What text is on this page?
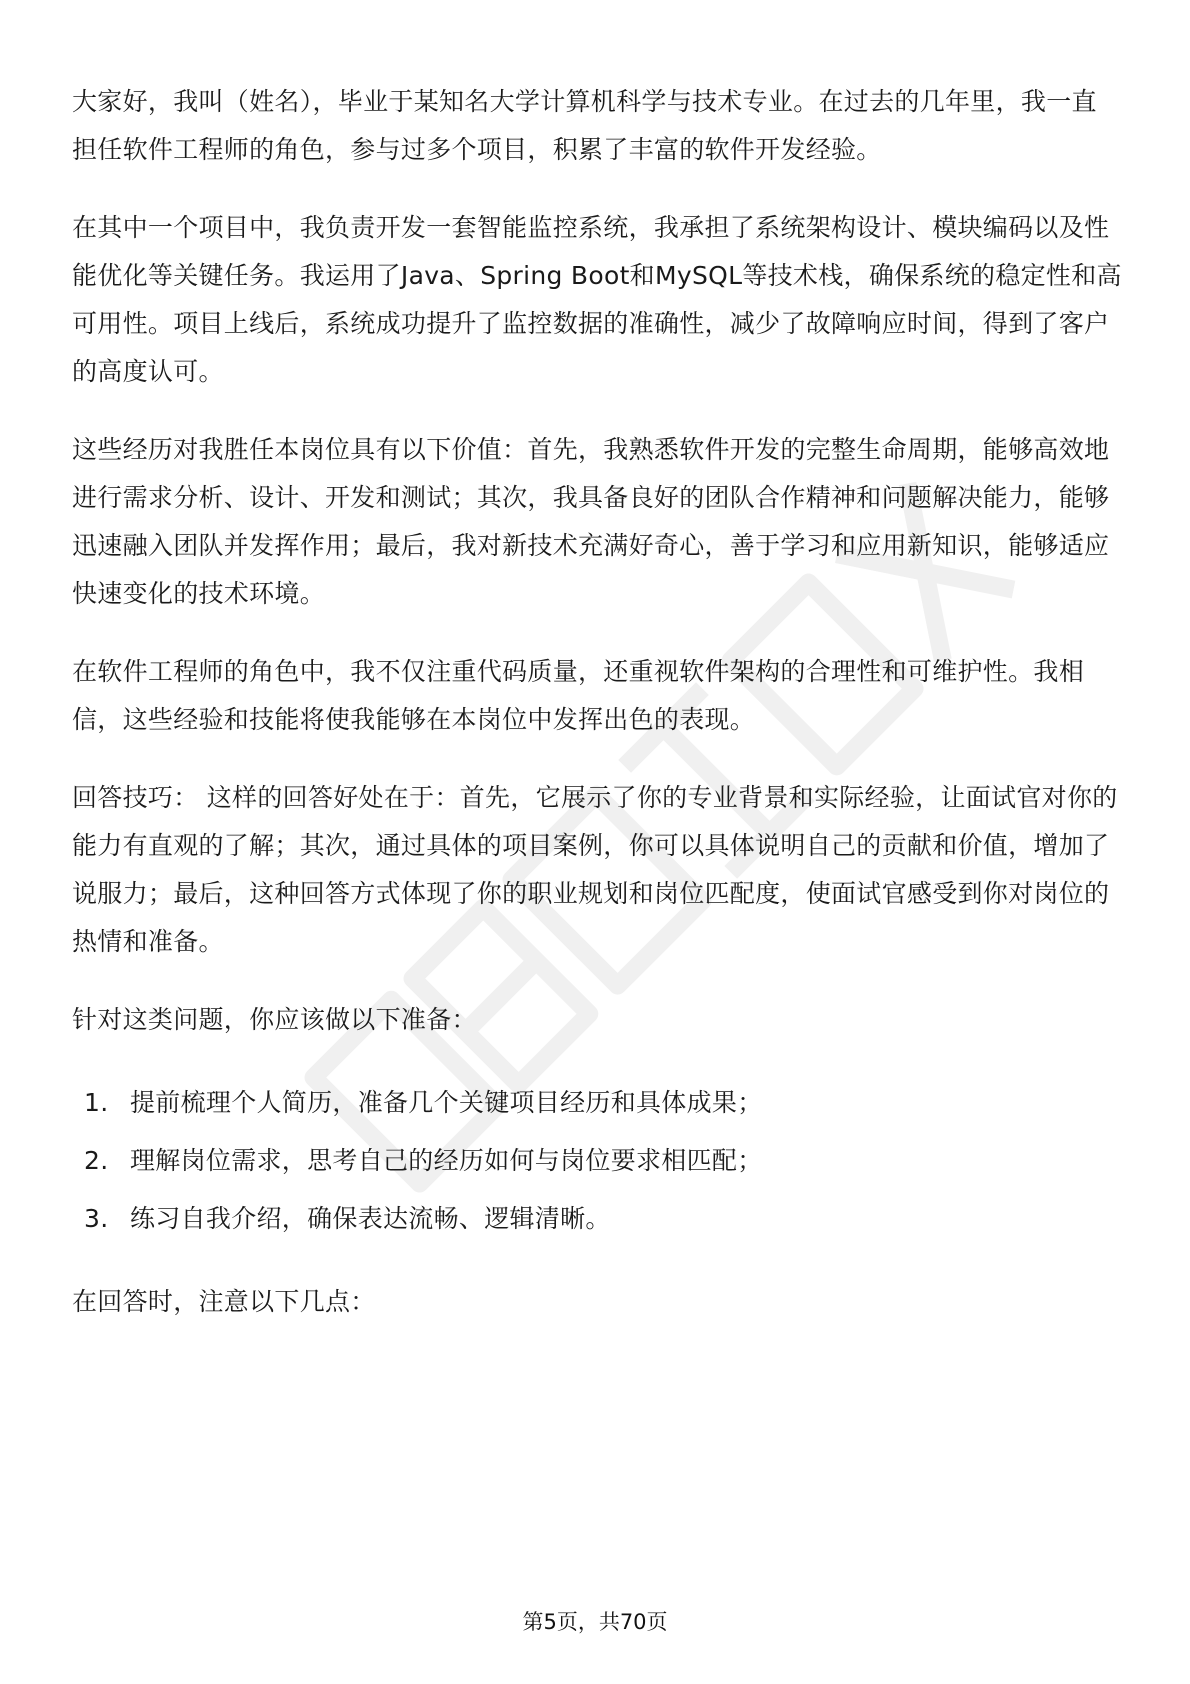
大家好，我叫（姓名），毕业于某知名大学计算机科学与技术专业。在过去的几年里，我一直担任软件工程师的角色，参与过多个项目，积累了丰富的软件开发经验。

在其中一个项目中，我负责开发一套智能监控系统，我承担了系统架构设计、模块编码以及性能优化等关键任务。我运用了Java、Spring Boot和MySQL等技术栈，确保系统的稳定性和高可用性。项目上线后，系统成功提升了监控数据的准确性，减少了故障响应时间，得到了客户的高度认可。

这些经历对我胜任本岗位具有以下价值：首先，我熟悉软件开发的完整生命周期，能够高效地进行需求分析、设计、开发和测试；其次，我具备良好的团队合作精神和问题解决能力，能够迅速融入团队并发挥作用；最后，我对新技术充满好奇心，善于学习和应用新知识，能够适应快速变化的技术环境。

在软件工程师的角色中，我不仅注重代码质量，还重视软件架构的合理性和可维护性。我相信，这些经验和技能将使我能够在本岗位中发挥出色的表现。

回答技巧： 这样的回答好处在于：首先，它展示了你的专业背景和实际经验，让面试官对你的能力有直观的了解；其次，通过具体的项目案例，你可以具体说明自己的贡献和价值，增加了说服力；最后，这种回答方式体现了你的职业规划和岗位匹配度，使面试官感受到你对岗位的热情和准备。

针对这类问题，你应该做以下准备：

1. 提前梳理个人简历，准备几个关键项目经历和具体成果；
2. 理解岗位需求，思考自己的经历如何与岗位要求相匹配；
3. 练习自我介绍，确保表达流畅、逻辑清晰。

在回答时，注意以下几点：

第5页，共70页
